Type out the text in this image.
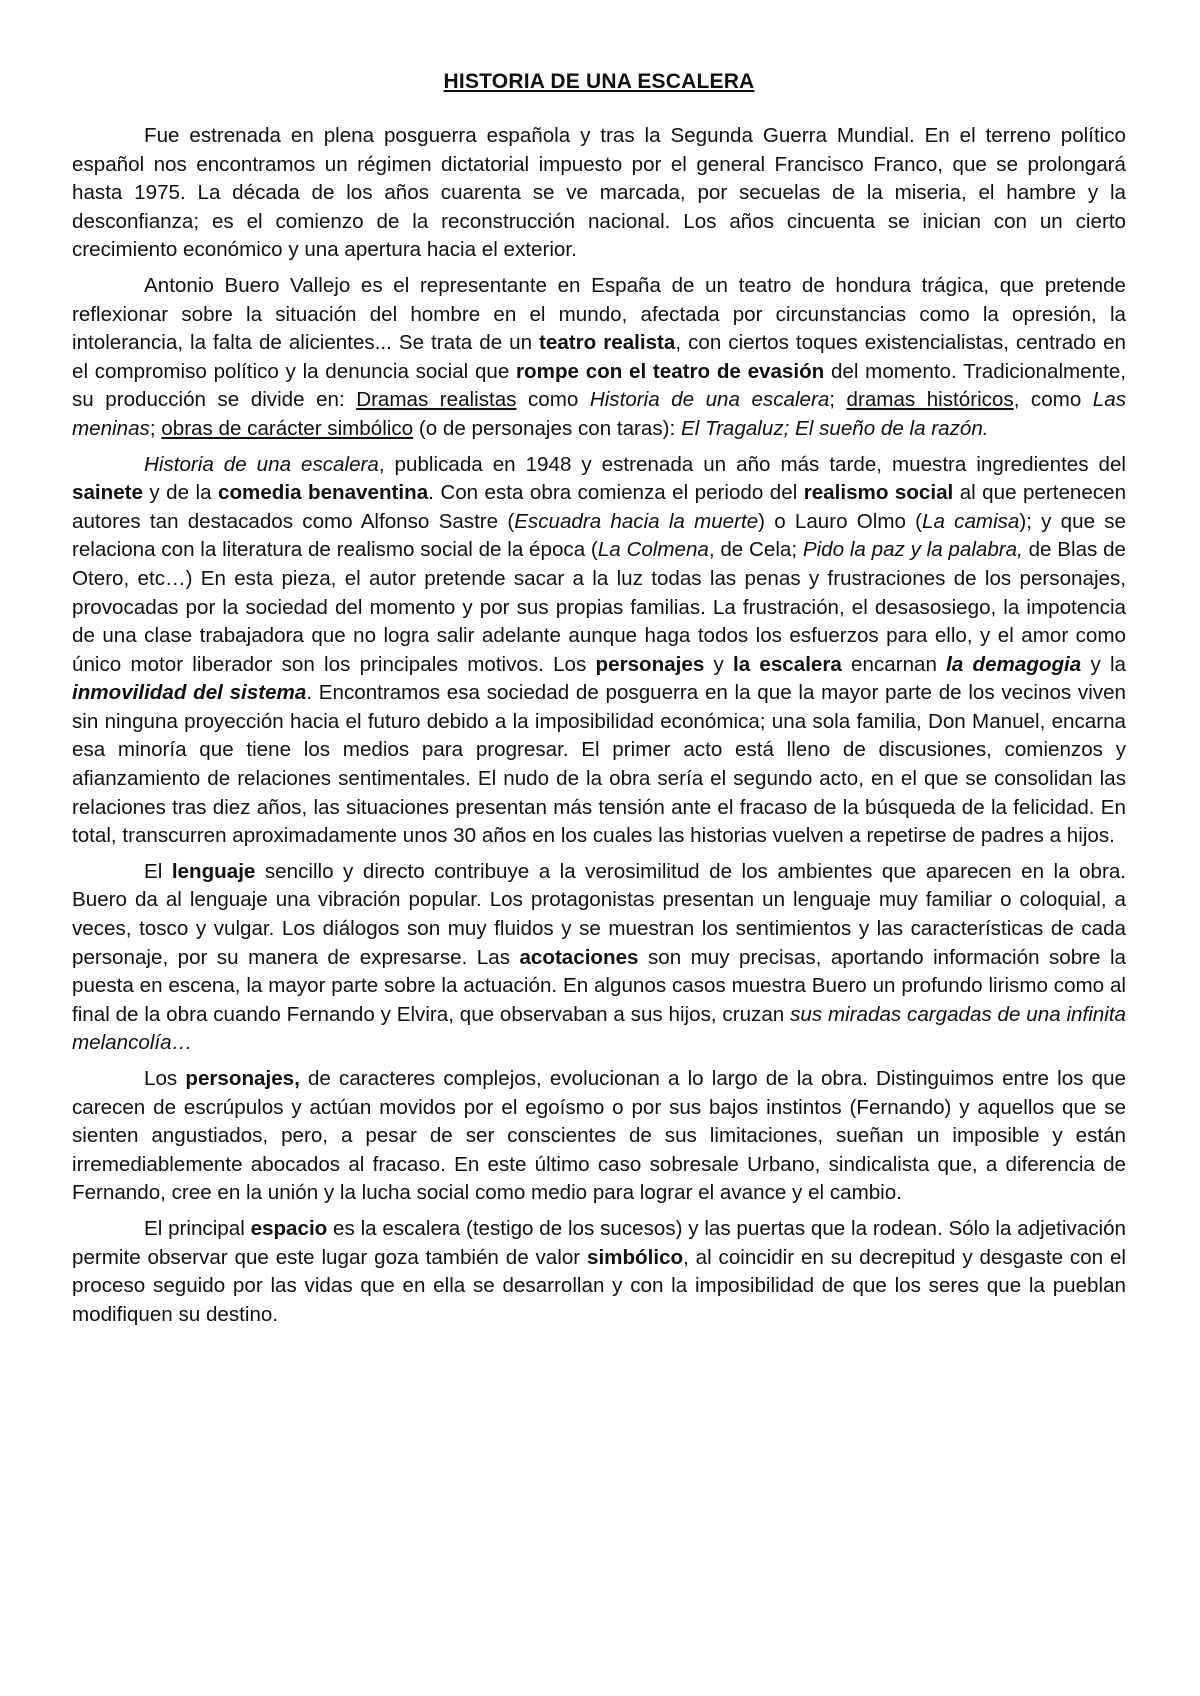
HISTORIA DE UNA ESCALERA

Fue estrenada en plena posguerra española y tras la Segunda Guerra Mundial. En el terreno político español nos encontramos un régimen dictatorial impuesto por el general Francisco Franco, que se prolongará hasta 1975. La década de los años cuarenta se ve marcada, por secuelas de la miseria, el hambre y la desconfianza; es el comienzo de la reconstrucción nacional. Los años cincuenta se inician con un cierto crecimiento económico y una apertura hacia el exterior.

Antonio Buero Vallejo es el representante en España de un teatro de hondura trágica, que pretende reflexionar sobre la situación del hombre en el mundo, afectada por circunstancias como la opresión, la intolerancia, la falta de alicientes... Se trata de un teatro realista, con ciertos toques existencialistas, centrado en el compromiso político y la denuncia social que rompe con el teatro de evasión del momento. Tradicionalmente, su producción se divide en: Dramas realistas como Historia de una escalera; dramas históricos, como Las meninas; obras de carácter simbólico (o de personajes con taras): El Tragaluz; El sueño de la razón.

Historia de una escalera, publicada en 1948 y estrenada un año más tarde, muestra ingredientes del sainete y de la comedia benaventina. Con esta obra comienza el periodo del realismo social al que pertenecen autores tan destacados como Alfonso Sastre (Escuadra hacia la muerte) o Lauro Olmo (La camisa); y que se relaciona con la literatura de realismo social de la época (La Colmena, de Cela; Pido la paz y la palabra, de Blas de Otero, etc…) En esta pieza, el autor pretende sacar a la luz todas las penas y frustraciones de los personajes, provocadas por la sociedad del momento y por sus propias familias. La frustración, el desasosiego, la impotencia de una clase trabajadora que no logra salir adelante aunque haga todos los esfuerzos para ello, y el amor como único motor liberador son los principales motivos. Los personajes y la escalera encarnan la demagogia y la inmovilidad del sistema. Encontramos esa sociedad de posguerra en la que la mayor parte de los vecinos viven sin ninguna proyección hacia el futuro debido a la imposibilidad económica; una sola familia, Don Manuel, encarna esa minoría que tiene los medios para progresar. El primer acto está lleno de discusiones, comienzos y afianzamiento de relaciones sentimentales. El nudo de la obra sería el segundo acto, en el que se consolidan las relaciones tras diez años, las situaciones presentan más tensión ante el fracaso de la búsqueda de la felicidad. En total, transcurren aproximadamente unos 30 años en los cuales las historias vuelven a repetirse de padres a hijos.

El lenguaje sencillo y directo contribuye a la verosimilitud de los ambientes que aparecen en la obra. Buero da al lenguaje una vibración popular. Los protagonistas presentan un lenguaje muy familiar o coloquial, a veces, tosco y vulgar. Los diálogos son muy fluidos y se muestran los sentimientos y las características de cada personaje, por su manera de expresarse. Las acotaciones son muy precisas, aportando información sobre la puesta en escena, la mayor parte sobre la actuación. En algunos casos muestra Buero un profundo lirismo como al final de la obra cuando Fernando y Elvira, que observaban a sus hijos, cruzan sus miradas cargadas de una infinita melancolía…

Los personajes, de caracteres complejos, evolucionan a lo largo de la obra. Distinguimos entre los que carecen de escrúpulos y actúan movidos por el egoísmo o por sus bajos instintos (Fernando) y aquellos que se sienten angustiados, pero, a pesar de ser conscientes de sus limitaciones, sueñan un imposible y están irremediablemente abocados al fracaso. En este último caso sobresale Urbano, sindicalista que, a diferencia de Fernando, cree en la unión y la lucha social como medio para lograr el avance y el cambio.

El principal espacio es la escalera (testigo de los sucesos) y las puertas que la rodean. Sólo la adjetivación permite observar que este lugar goza también de valor simbólico, al coincidir en su decrepitud y desgaste con el proceso seguido por las vidas que en ella se desarrollan y con la imposibilidad de que los seres que la pueblan modifiquen su destino.
